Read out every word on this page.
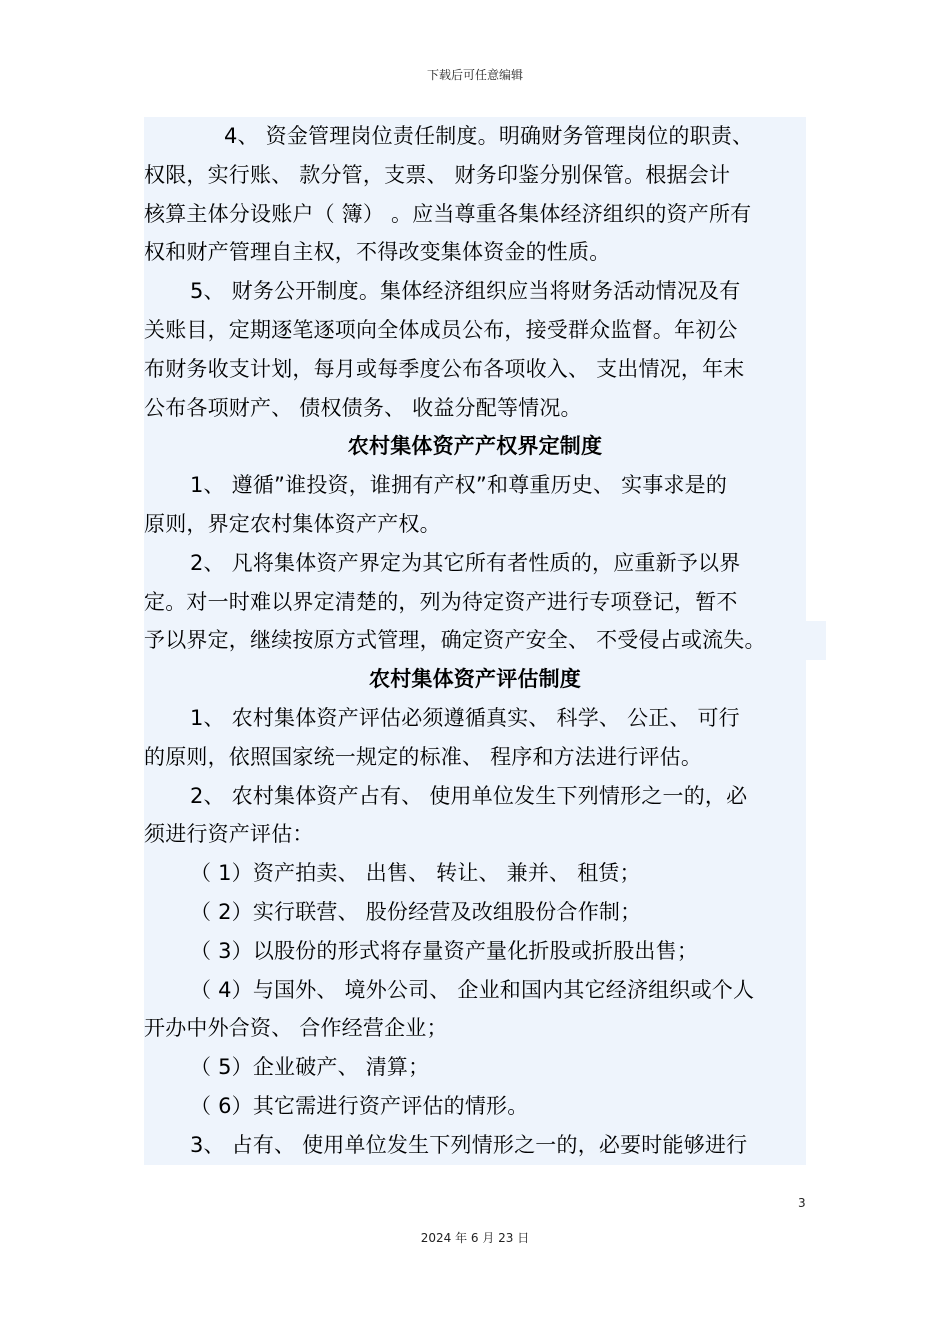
下载后可任意编辑
4、 资金管理岗位责任制度。明确财务管理岗位的职责、
权限，实行账、 款分管，支票、 财务印鉴分别保管。根据会计
核算主体分设账户（ 簿） 。应当尊重各集体经济组织的资产所有
权和财产管理自主权，不得改变集体资金的性质。
5、 财务公开制度。集体经济组织应当将财务活动情况及有
关账目，定期逐笔逐项向全体成员公布，接受群众监督。年初公
布财务收支计划，每月或每季度公布各项收入、 支出情况，年末
公布各项财产、 债权债务、 收益分配等情况。
农村集体资产产权界定制度
1、 遵循”谁投资，谁拥有产权”和尊重历史、 实事求是的
原则，界定农村集体资产产权。
2、 凡将集体资产界定为其它所有者性质的，应重新予以界
定。对一时难以界定清楚的，列为待定资产进行专项登记，暂不
予以界定，继续按原方式管理，确定资产安全、 不受侵占或流失。
农村集体资产评估制度
1、 农村集体资产评估必须遵循真实、 科学、 公正、 可行
的原则，依照国家统一规定的标准、 程序和方法进行评估。
2、 农村集体资产占有、 使用单位发生下列情形之一的，必
须进行资产评估：
（ 1）资产拍卖、 出售、 转让、 兼并、 租赁；
（ 2）实行联营、 股份经营及改组股份合作制；
（ 3）以股份的形式将存量资产量化折股或折股出售；
（ 4）与国外、 境外公司、 企业和国内其它经济组织或个人
开办中外合资、 合作经营企业；
（ 5）企业破产、 清算；
（ 6）其它需进行资产评估的情形。
3、 占有、 使用单位发生下列情形之一的，必要时能够进行
3
2024 年 6 月 23 日
